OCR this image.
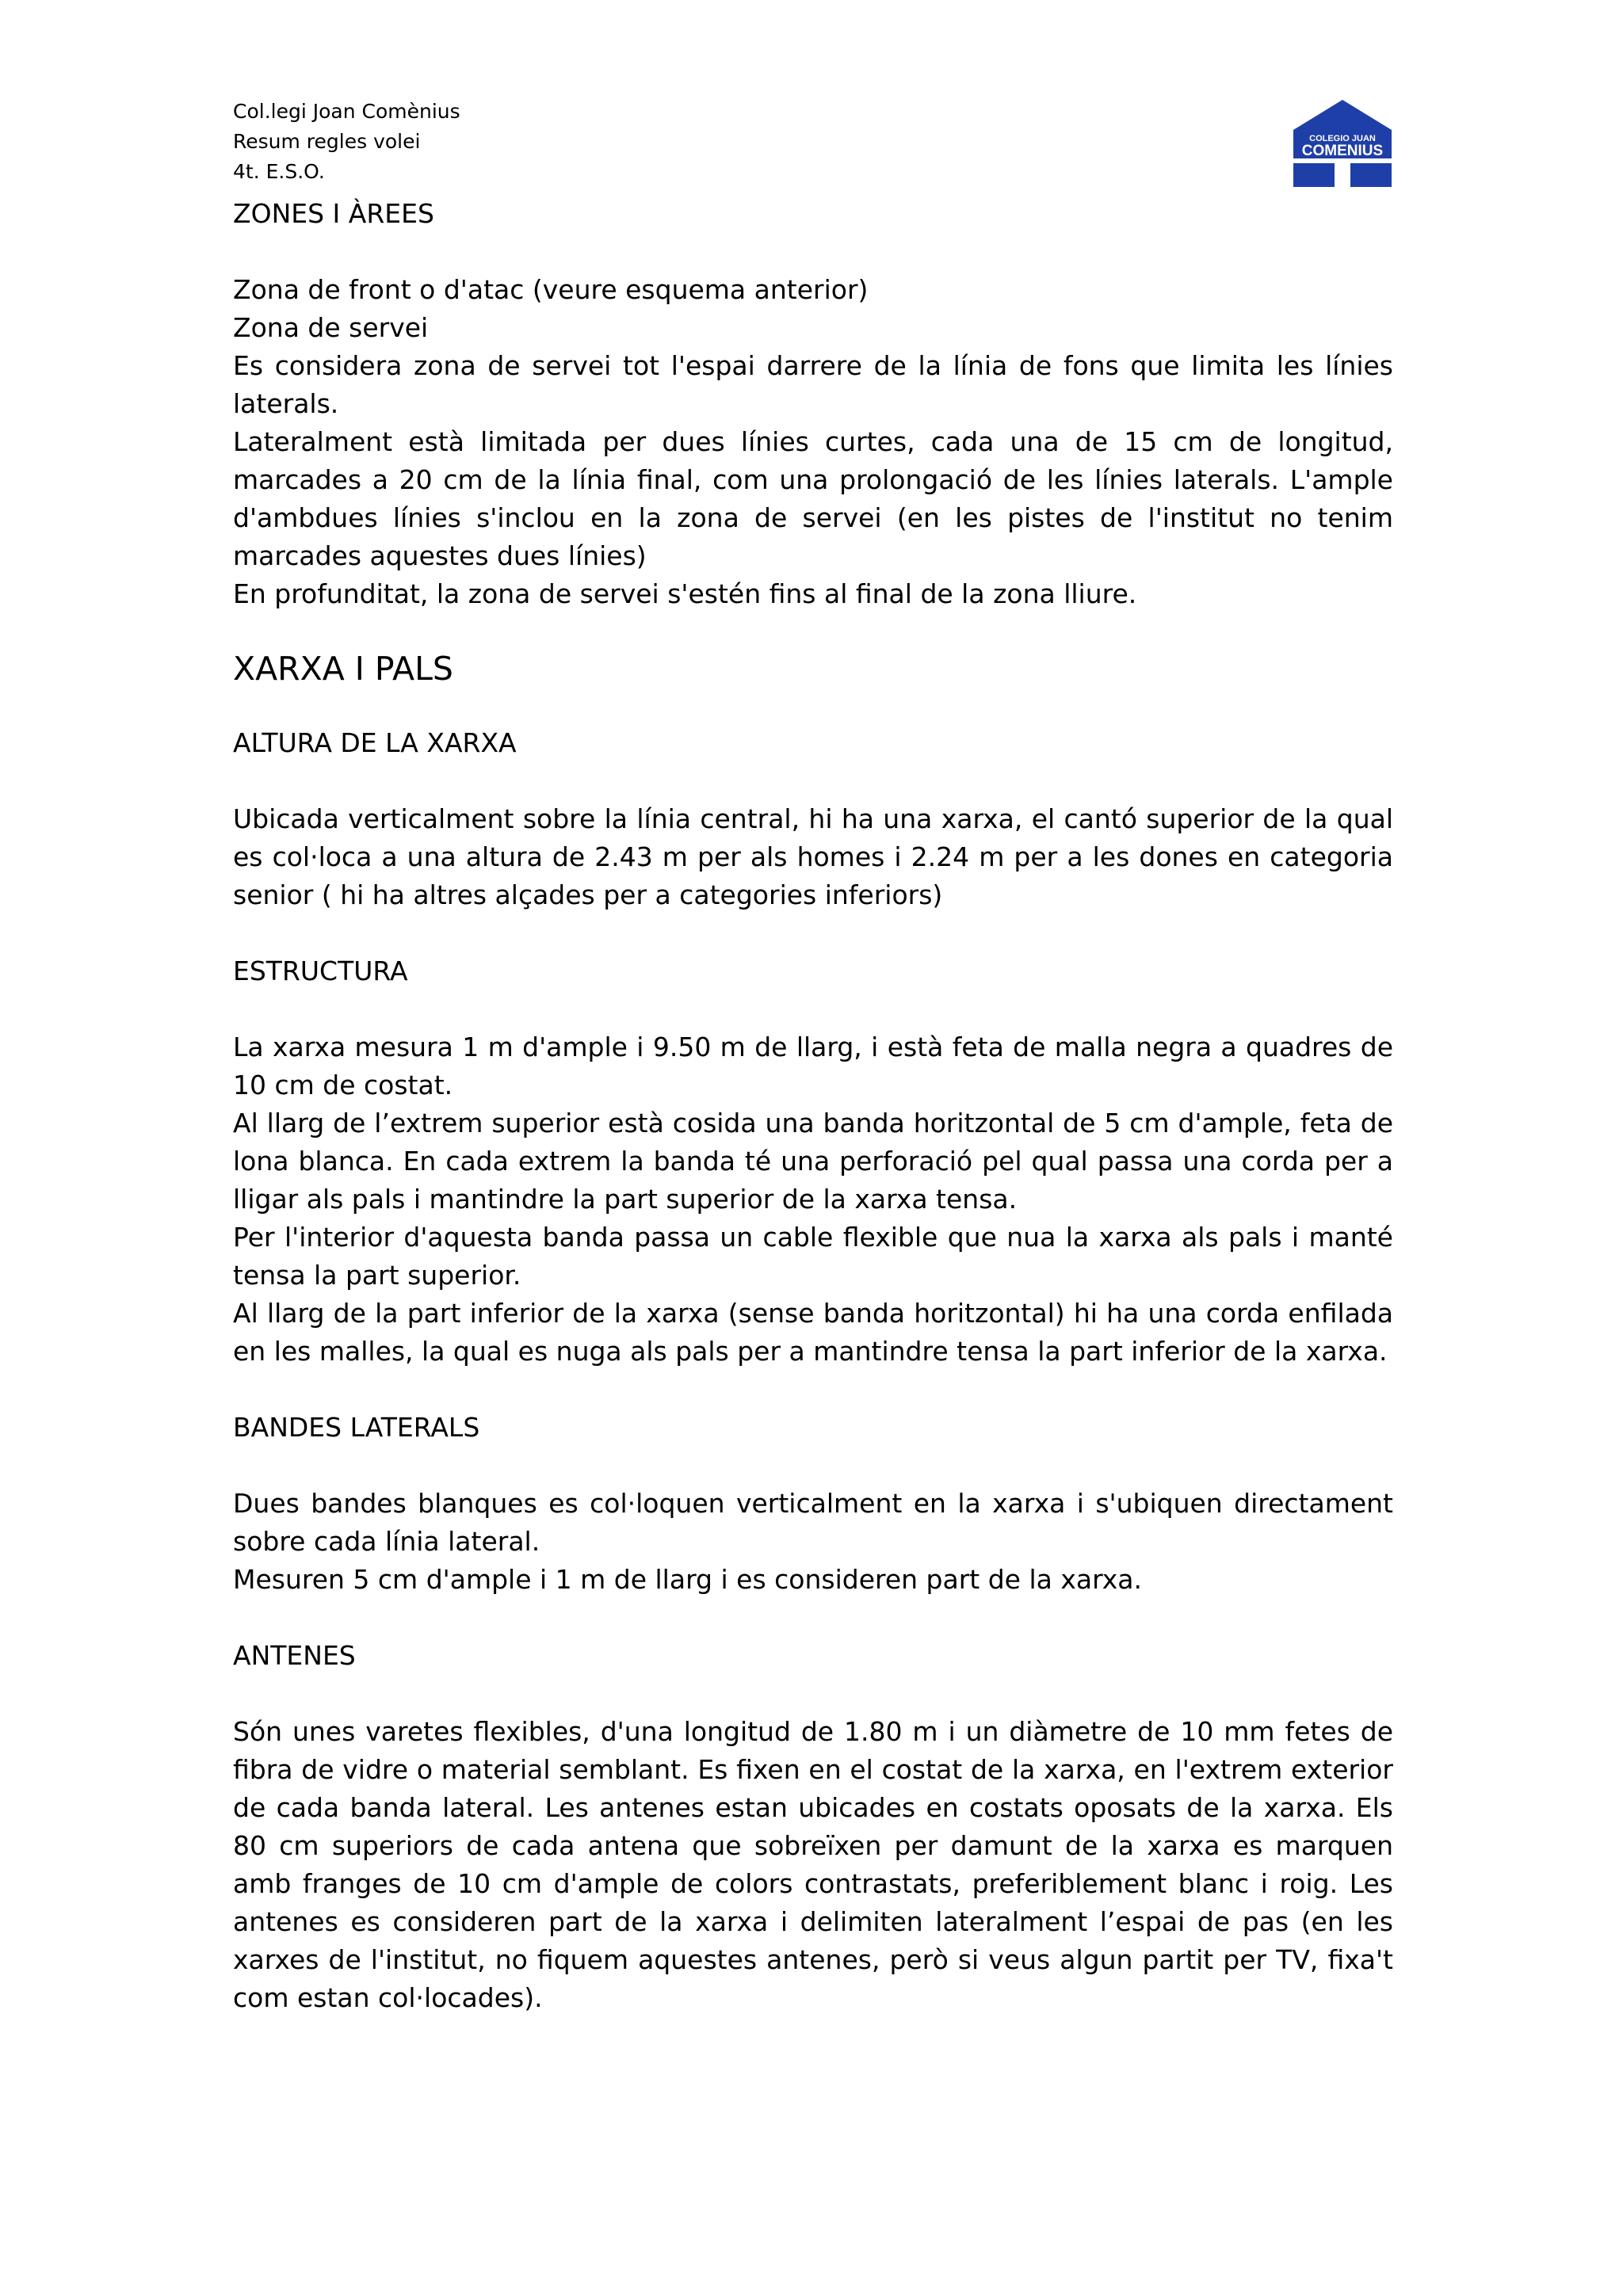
Col.legi Joan Comènius
Resum regles volei
4t. E.S.O.
COLEGIO JUAN
COMENIUS

ZONES I ÀREES

Zona de front o d'atac (veure esquema anterior)

Zona de servei

Es considera zona de servei tot l'espai darrere de la línia de fons que limita les línies laterals.

Lateralment està limitada per dues línies curtes, cada una de 15 cm de longitud, marcades a 20 cm de la línia final, com una prolongació de les línies laterals. L'ample d'ambdues línies s'inclou en la zona de servei (en les pistes de l'institut no tenim marcades aquestes dues línies)

En profunditat, la zona de servei s'estén fins al final de la zona lliure.

XARXA I PALS

ALTURA DE LA XARXA

Ubicada verticalment sobre la línia central, hi ha una xarxa, el cantó superior de la qual es col·loca a una altura de 2.43 m per als homes i 2.24 m per a les dones en categoria senior ( hi ha altres alçades per a categories inferiors)

ESTRUCTURA

La xarxa mesura 1 m d'ample i 9.50 m de llarg, i està feta de malla negra a quadres de 10 cm de costat.

Al llarg de l’extrem superior està cosida una banda horitzontal de 5 cm d'ample, feta de lona blanca. En cada extrem la banda té una perforació pel qual passa una corda per a lligar als pals i mantindre la part superior de la xarxa tensa.

Per l'interior d'aquesta banda passa un cable flexible que nua la xarxa als pals i manté tensa la part superior.

Al llarg de la part inferior de la xarxa (sense banda horitzontal) hi ha una corda enfilada en les malles, la qual es nuga als pals per a mantindre tensa la part inferior de la xarxa.

BANDES LATERALS

Dues bandes blanques es col·loquen verticalment en la xarxa i s'ubiquen directament sobre cada línia lateral.

Mesuren 5 cm d'ample i 1 m de llarg i es consideren part de la xarxa.

ANTENES

Són unes varetes flexibles, d'una longitud de 1.80 m i un diàmetre de 10 mm fetes de fibra de vidre o material semblant. Es fixen en el costat de la xarxa, en l'extrem exterior de cada banda lateral. Les antenes estan ubicades en costats oposats de la xarxa. Els 80 cm superiors de cada antena que sobreïxen per damunt de la xarxa es marquen amb franges de 10 cm d'ample de colors contrastats, preferiblement blanc i roig. Les antenes es consideren part de la xarxa i delimiten lateralment l’espai de pas (en les xarxes de l'institut, no fiquem aquestes antenes, però si veus algun partit per TV, fixa't com estan col·locades).
